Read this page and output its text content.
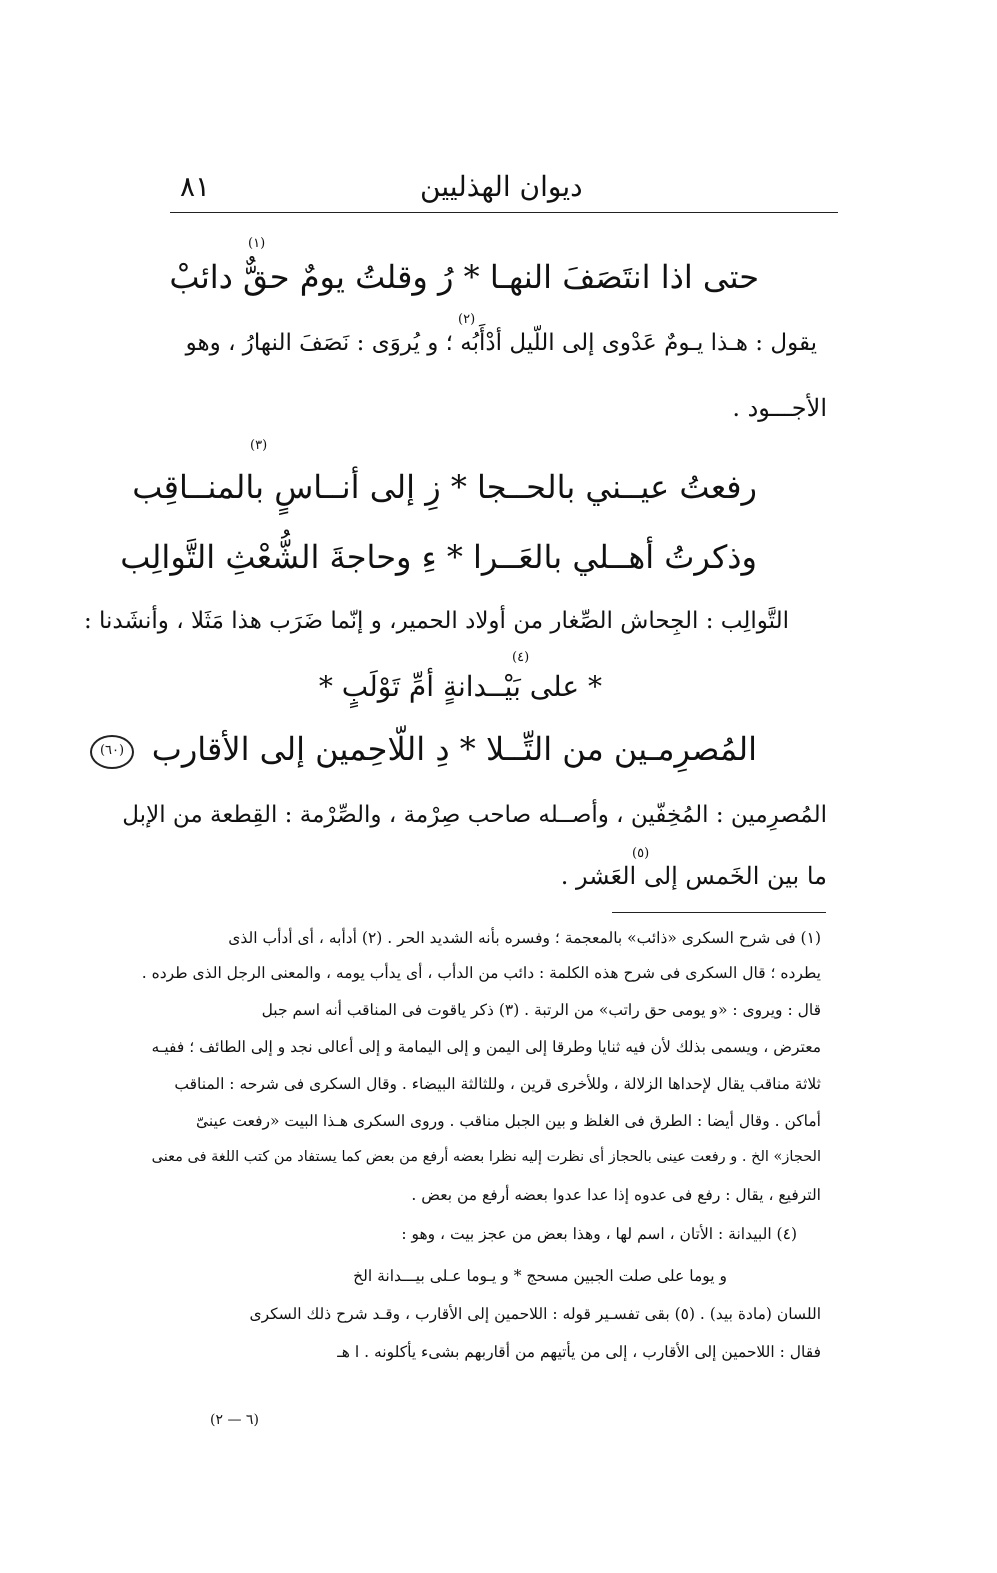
٨١	ديوان الهذليين
(١)
حتى اذا انتَصَفَ النهـا * رُ وقلتُ يومٌ حقٌّ دائبْ
(٢)
يقول : هـذا يـومٌ عَدْوى إلى اللّيل أدْأَبُه ؛ و يُروَى : نَصَفَ النهارُ ، وهو
الأجـــود .
(٣)
رفعتُ عيــني بالحــجا * زِ إلى أنــاسٍ بالمنــاقِب
وذكرتُ أهــلي بالعَــرا * ءِ وحاجةَ الشُّعْثِ التَّوالِب
التَّوالِب : الجِحاش الصِّغار من أولاد الحمير، و إنّما ضَرَب هذا مَثَلا ، وأنشَدنا :
(٤)
* على بَيْــدانةٍ أمِّ تَوْلَبٍ *
(٦٠) المُصرِمـين من التِّــلا * دِ اللّاحِمين إلى الأقارب
المُصرِمين : المُخِفّين ، وأصــله صاحب صِرْمة ، والصِّرْمة : القِطعة من الإبل
(٥)
ما بين الخَمس إلى العَشر .
(١) فى شرح السكرى «ذائب» بالمعجمة ؛ وفسره بأنه الشديد الحر . (٢) أدأبه ، أى أدأب الذى
يطرده ؛ قال السكرى فى شرح هذه الكلمة : دائب من الدأب ، أى يدأب يومه ، والمعنى الرجل الذى طرده .
قال : ويروى : «و يومى حق راتب» من الرتبة . (٣) ذكر ياقوت فى المناقب أنه اسم جبل
معترض ، ويسمى بذلك لأن فيه ثنايا وطرقا إلى اليمن و إلى اليمامة و إلى أعالى نجد و إلى الطائف ؛ ففيـه
ثلاثة مناقب يقال لإحداها الزلالة ، وللأخرى قرين ، وللثالثة البيضاء . وقال السكرى فى شرحه : المناقب
أماكن . وقال أيضا : الطرق فى الغلظ و بين الجبل مناقب . وروى السكرى هـذا البيت «رفعت عينىّ
الحجاز» الخ . و رفعت عينى بالحجاز أى نظرت إليه نظرا بعضه أرفع من بعض كما يستفاد من كتب اللغة فى معنى
الترفيع ، يقال : رفع فى عدوه إذا عدا عدوا بعضه أرفع من بعض .
(٤) البيدانة : الأتان ، اسم لها ، وهذا بعض من عجز بيت ، وهو :
و يوما على صلت الجبين مسحج * و يـوما عـلى بيـــدانة الخ
اللسان (مادة بيد) . (٥) بقى تفسـير قوله : اللاحمين إلى الأقارب ، وقـد شرح ذلك السكرى
فقال : اللاحمين إلى الأقارب ، إلى من يأتيهم من أقاربهم بشىء يأكلونه . ا هـ
(٦ — ٢)
